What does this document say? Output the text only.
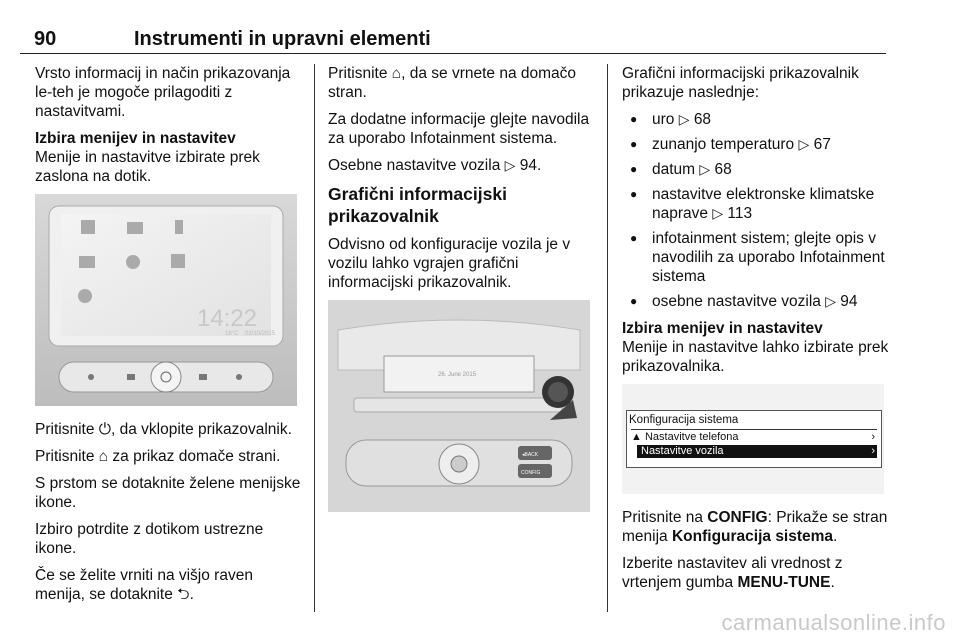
90	Instrumenti in upravni elementi

Vrsto informacij in način prikazovanja le-teh je mogoče prilagoditi z nastavitvami.

Izbira menijev in nastavitev

Menije in nastavitve izbirate prek zaslona na dotik.

14:22
18°C 02/10/2015

Pritisnite ⏻, da vklopite prikazovalnik.

Pritisnite ⌂ za prikaz domače strani.

S prstom se dotaknite želene menijske ikone.

Izbiro potrdite z dotikom ustrezne ikone.

Če se želite vrniti na višjo raven menija, se dotaknite ⮌.

Pritisnite ⌂, da se vrnete na domačo stran.

Za dodatne informacije glejte navodila za uporabo Infotainment sistema.

Osebne nastavitve vozila ▷ 94.

Grafični informacijski prikazovalnik

Odvisno od konfiguracije vozila je v vozilu lahko vgrajen grafični informacijski prikazovalnik.

26. June 2015
◂BACK
CONFIG

Grafični informacijski prikazovalnik prikazuje naslednje:

● uro ▷ 68
● zunanjo temperaturo ▷ 67
● datum ▷ 68
● nastavitve elektronske klimatske naprave ▷ 113
● infotainment sistem; glejte opis v navodilih za uporabo Infotainment sistema
● osebne nastavitve vozila ▷ 94

Izbira menijev in nastavitev

Menije in nastavitve lahko izbirate prek prikazovalnika.

Konfiguracija sistema
▲ Nastavitve telefona	›
Nastavitve vozila	›

Pritisnite na CONFIG: Prikaže se stran menija Konfiguracija sistema.

Izberite nastavitev ali vrednost z vrtenjem gumba MENU-TUNE.

carmanualsonline.info
